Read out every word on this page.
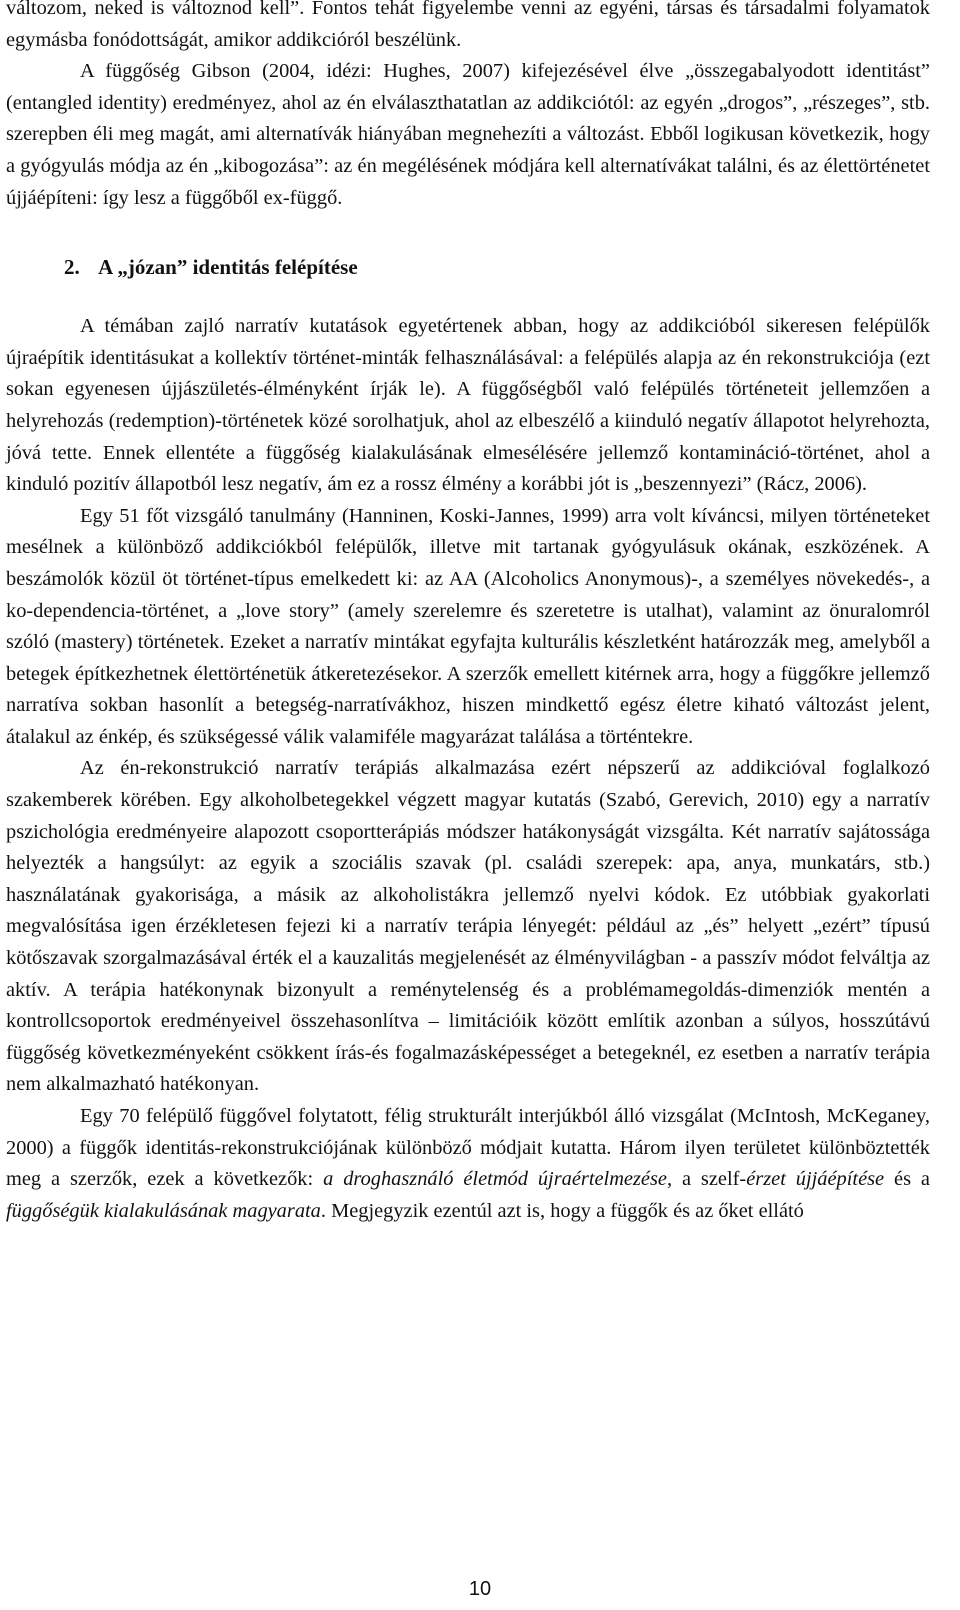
változom, neked is változnod kell”. Fontos tehát figyelembe venni az egyéni, társas és társadalmi folyamatok egymásba fonódottságát, amikor addikcióról beszélünk.

A függőség Gibson (2004, idézi: Hughes, 2007) kifejezésével élve „összegabalyodott identitást” (entangled identity) eredményez, ahol az én elválaszthatatlan az addikciótól: az egyén „drogos”, „részeges”, stb. szerepben éli meg magát, ami alternatívák hiányában megnehezíti a változást. Ebből logikusan következik, hogy a gyógyulás módja az én „kibogozása”: az én megélésének módjára kell alternatívákat találni, és az élettörténetet újjáépíteni: így lesz a függőből ex-függő.

2. A „józan” identitás felépítése

A témában zajló narratív kutatások egyetértenek abban, hogy az addikcióból sikeresen felépülők újraépítik identitásukat a kollektív történet-minták felhasználásával: a felépülés alapja az én rekonstrukciója (ezt sokan egyenesen újjászületés-élményként írják le). A függőségből való felépülés történeteit jellemzően a helyrehozás (redemption)-történetek közé sorolhatjuk, ahol az elbeszélő a kiinduló negatív állapotot helyrehozta, jóvá tette. Ennek ellentéte a függőség kialakulásának elmesélésére jellemző kontamináció-történet, ahol a kinduló pozitív állapotból lesz negatív, ám ez a rossz élmény a korábbi jót is „beszennyezi” (Rácz, 2006).

Egy 51 főt vizsgáló tanulmány (Hanninen, Koski-Jannes, 1999) arra volt kíváncsi, milyen történeteket mesélnek a különböző addikciókból felépülők, illetve mit tartanak gyógyulásuk okának, eszközének. A beszámolók közül öt történet-típus emelkedett ki: az AA (Alcoholics Anonymous)-, a személyes növekedés-, a ko-dependencia-történet, a „love story” (amely szerelemre és szeretetre is utalhat), valamint az önuralomról szóló (mastery) történetek. Ezeket a narratív mintákat egyfajta kulturális készletként határozzák meg, amelyből a betegek építkezhetnek élettörténetük átkeretezésekor. A szerzők emellett kitérnek arra, hogy a függőkre jellemző narratíva sokban hasonlít a betegség-narratívákhoz, hiszen mindkettő egész életre kiható változást jelent, átalakul az énkép, és szükségessé válik valamiféle magyarázat találása a történtekre.

Az én-rekonstrukció narratív terápiás alkalmazása ezért népszerű az addikcióval foglalkozó szakemberek körében. Egy alkoholbetegekkel végzett magyar kutatás (Szabó, Gerevich, 2010) egy a narratív pszichológia eredményeire alapozott csoportterápiás módszer hatákonyságát vizsgálta. Két narratív sajátossága helyezték a hangsúlyt: az egyik a szociális szavak (pl. családi szerepek: apa, anya, munkatárs, stb.) használatának gyakorisága, a másik az alkoholistákra jellemző nyelvi kódok. Ez utóbbiak gyakorlati megvalósítása igen érzékletesen fejezi ki a narratív terápia lényegét: például az „és” helyett „ezért” típusú kötőszavak szorgalmazásával érték el a kauzalitás megjelenését az élményvilágban - a passzív módot felváltja az aktív. A terápia hatékonynak bizonyult a reménytelenség és a problémamegoldás-dimenziók mentén a kontrollcsoportok eredményeivel összehasonlítva – limitációik között említik azonban a súlyos, hosszútávú függőség következményeként csökkent írás-és fogalmazásképességet a betegeknél, ez esetben a narratív terápia nem alkalmazható hatékonyan.

Egy 70 felépülő függővel folytatott, félig strukturált interjúkból álló vizsgálat (McIntosh, McKeganey, 2000) a függők identitás-rekonstrukciójának különböző módjait kutatta. Három ilyen területet különböztették meg a szerzők, ezek a következők: a droghasználó életmód újraértelmezése, a szelf-érzet újjáépítése és a függőségük kialakulásának magyarata. Megjegyzik ezentúl azt is, hogy a függők és az őket ellátó

10
